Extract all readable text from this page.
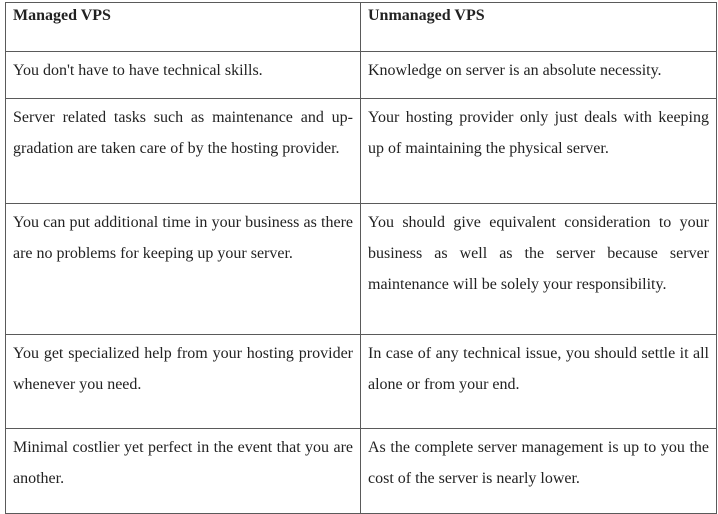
Managed VPS	Unmanaged VPS
You don't have to have technical skills.	Knowledge on server is an absolute necessity.
Server related tasks such as maintenance and up-gradation are taken care of by the hosting provider.	Your hosting provider only just deals with keeping up of maintaining the physical server.
You can put additional time in your business as there are no problems for keeping up your server.	You should give equivalent consideration to your business as well as the server because server maintenance will be solely your responsibility.
You get specialized help from your hosting provider whenever you need.	In case of any technical issue, you should settle it all alone or from your end.
Minimal costlier yet perfect in the event that you are another.	As the complete server management is up to you the cost of the server is nearly lower.
